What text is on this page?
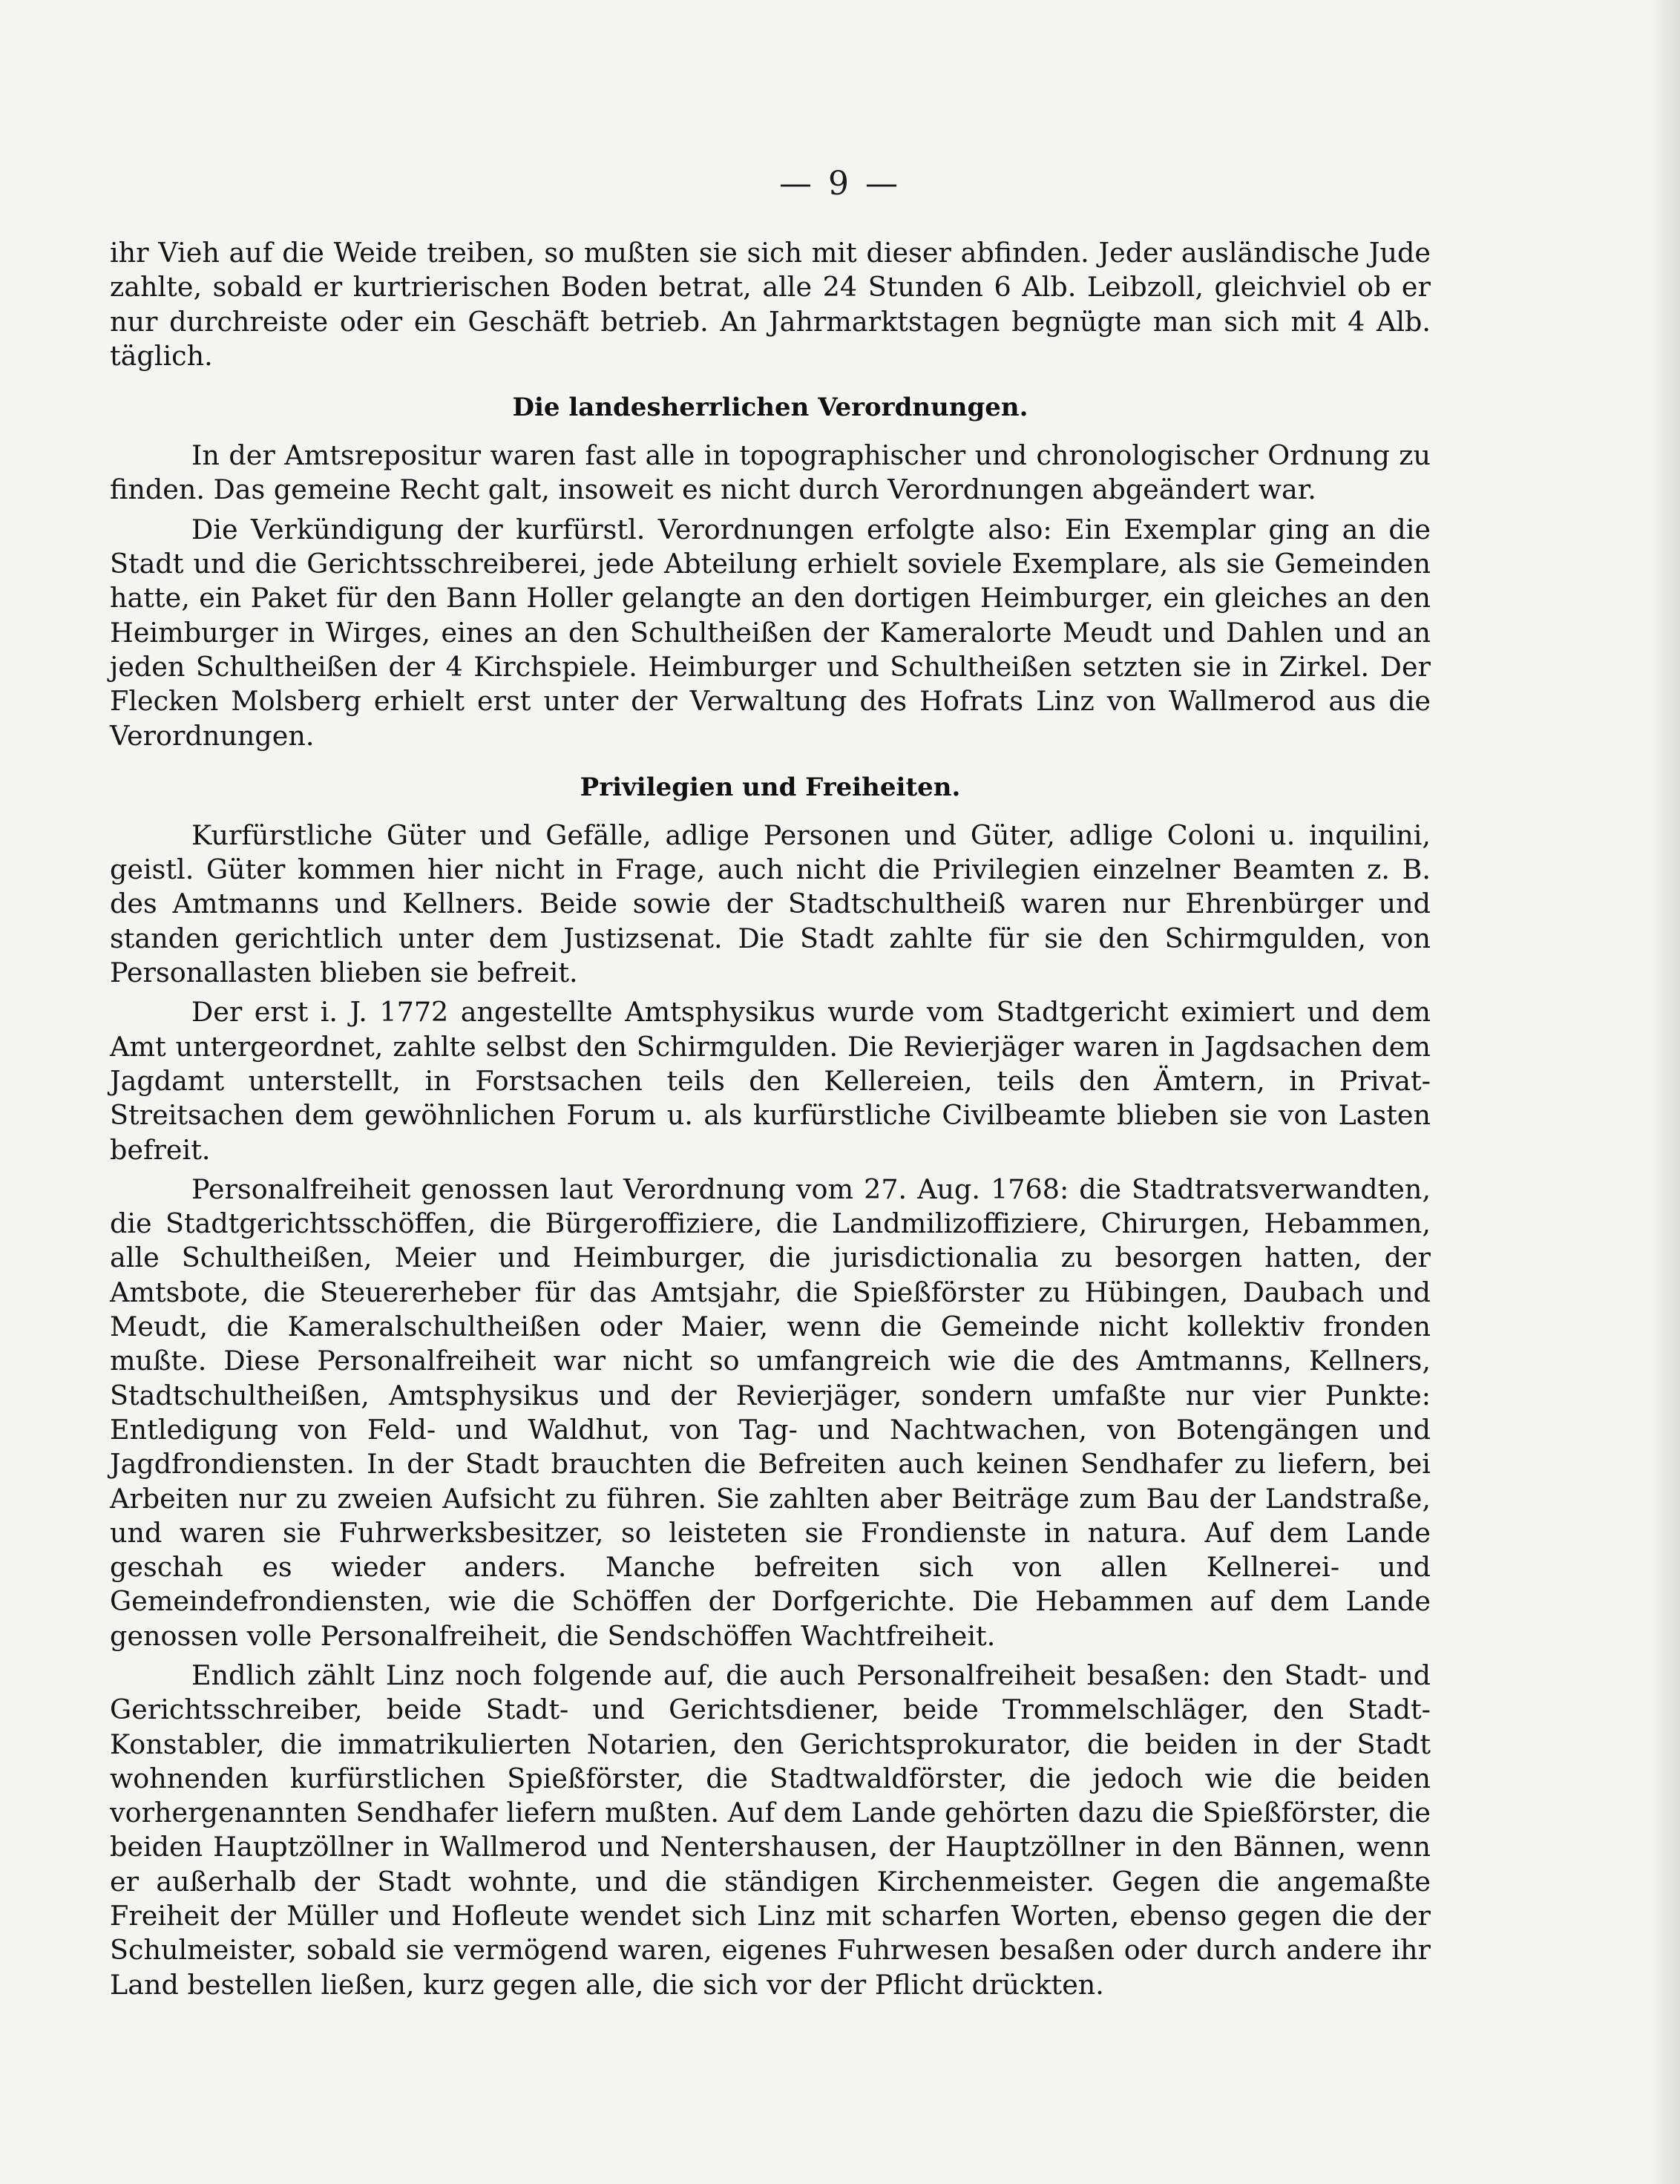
— 9 —

ihr Vieh auf die Weide treiben, so mußten sie sich mit dieser abfinden. Jeder ausländische Jude zahlte, sobald er kurtrierischen Boden betrat, alle 24 Stunden 6 Alb. Leibzoll, gleichviel ob er nur durchreiste oder ein Geschäft betrieb. An Jahrmarktstagen begnügte man sich mit 4 Alb. täglich.

Die landesherrlichen Verordnungen.

In der Amtsrepositur waren fast alle in topographischer und chronologischer Ordnung zu finden. Das gemeine Recht galt, insoweit es nicht durch Verordnungen abgeändert war.

Die Verkündigung der kurfürstl. Verordnungen erfolgte also: Ein Exemplar ging an die Stadt und die Gerichtsschreiberei, jede Abteilung erhielt soviele Exemplare, als sie Gemeinden hatte, ein Paket für den Bann Holler gelangte an den dortigen Heimburger, ein gleiches an den Heimburger in Wirges, eines an den Schultheißen der Kameralorte Meudt und Dahlen und an jeden Schultheißen der 4 Kirchspiele. Heimburger und Schultheißen setzten sie in Zirkel. Der Flecken Molsberg erhielt erst unter der Verwaltung des Hofrats Linz von Wallmerod aus die Verordnungen.

Privilegien und Freiheiten.

Kurfürstliche Güter und Gefälle, adlige Personen und Güter, adlige Coloni u. inquilini, geistl. Güter kommen hier nicht in Frage, auch nicht die Privilegien einzelner Beamten z. B. des Amtmanns und Kellners. Beide sowie der Stadtschultheiß waren nur Ehrenbürger und standen gerichtlich unter dem Justizsenat. Die Stadt zahlte für sie den Schirmgulden, von Personallasten blieben sie befreit.

Der erst i. J. 1772 angestellte Amtsphysikus wurde vom Stadtgericht eximiert und dem Amt untergeordnet, zahlte selbst den Schirmgulden. Die Revierjäger waren in Jagdsachen dem Jagdamt unterstellt, in Forstsachen teils den Kellereien, teils den Ämtern, in Privat-Streitsachen dem gewöhnlichen Forum u. als kurfürstliche Civilbeamte blieben sie von Lasten befreit.

Personalfreiheit genossen laut Verordnung vom 27. Aug. 1768: die Stadtratsverwandten, die Stadtgerichtsschöffen, die Bürgeroffiziere, die Landmilizoffiziere, Chirurgen, Hebammen, alle Schultheißen, Meier und Heimburger, die jurisdictionalia zu besorgen hatten, der Amtsbote, die Steuererheber für das Amtsjahr, die Spießförster zu Hübingen, Daubach und Meudt, die Kameralschultheißen oder Maier, wenn die Gemeinde nicht kollektiv fronden mußte. Diese Personalfreiheit war nicht so umfangreich wie die des Amtmanns, Kellners, Stadtschultheißen, Amtsphysikus und der Revierjäger, sondern umfaßte nur vier Punkte: Entledigung von Feld- und Waldhut, von Tag- und Nachtwachen, von Botengängen und Jagdfrondiensten. In der Stadt brauchten die Befreiten auch keinen Sendhafer zu liefern, bei Arbeiten nur zu zweien Aufsicht zu führen. Sie zahlten aber Beiträge zum Bau der Landstraße, und waren sie Fuhrwerksbesitzer, so leisteten sie Frondienste in natura. Auf dem Lande geschah es wieder anders. Manche befreiten sich von allen Kellnerei- und Gemeindefrondiensten, wie die Schöffen der Dorfgerichte. Die Hebammen auf dem Lande genossen volle Personalfreiheit, die Sendschöffen Wachtfreiheit.

Endlich zählt Linz noch folgende auf, die auch Personalfreiheit besaßen: den Stadt- und Gerichtsschreiber, beide Stadt- und Gerichtsdiener, beide Trommelschläger, den Stadt-Konstabler, die immatrikulierten Notarien, den Gerichtsprokurator, die beiden in der Stadt wohnenden kurfürstlichen Spießförster, die Stadtwaldförster, die jedoch wie die beiden vorhergenannten Sendhafer liefern mußten. Auf dem Lande gehörten dazu die Spießförster, die beiden Hauptzöllner in Wallmerod und Nentershausen, der Hauptzöllner in den Bännen, wenn er außerhalb der Stadt wohnte, und die ständigen Kirchenmeister. Gegen die angemaßte Freiheit der Müller und Hofleute wendet sich Linz mit scharfen Worten, ebenso gegen die der Schulmeister, sobald sie vermögend waren, eigenes Fuhrwesen besaßen oder durch andere ihr Land bestellen ließen, kurz gegen alle, die sich vor der Pflicht drückten.
